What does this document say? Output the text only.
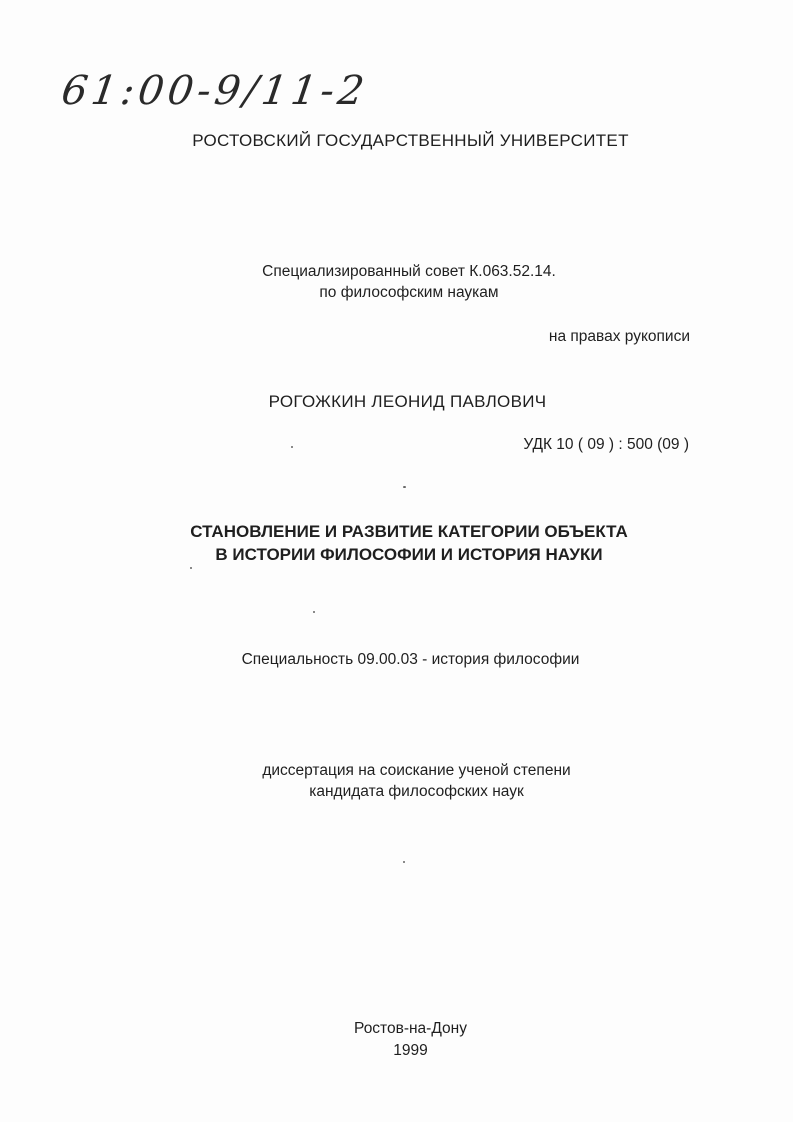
61:00-9/11-2
РОСТОВСКИЙ ГОСУДАРСТВЕННЫЙ УНИВЕРСИТЕТ
Специализированный совет К.063.52.14.
по философским наукам
на правах рукописи
РОГОЖКИН ЛЕОНИД ПАВЛОВИЧ
УДК 10 ( 09 ) : 500 (09 )
СТАНОВЛЕНИЕ И РАЗВИТИЕ КАТЕГОРИИ ОБЪЕКТА
В ИСТОРИИ ФИЛОСОФИИ И ИСТОРИЯ НАУКИ
Специальность 09.00.03 - история философии
диссертация на соискание ученой степени
кандидата философских наук
Ростов-на-Дону
1999
